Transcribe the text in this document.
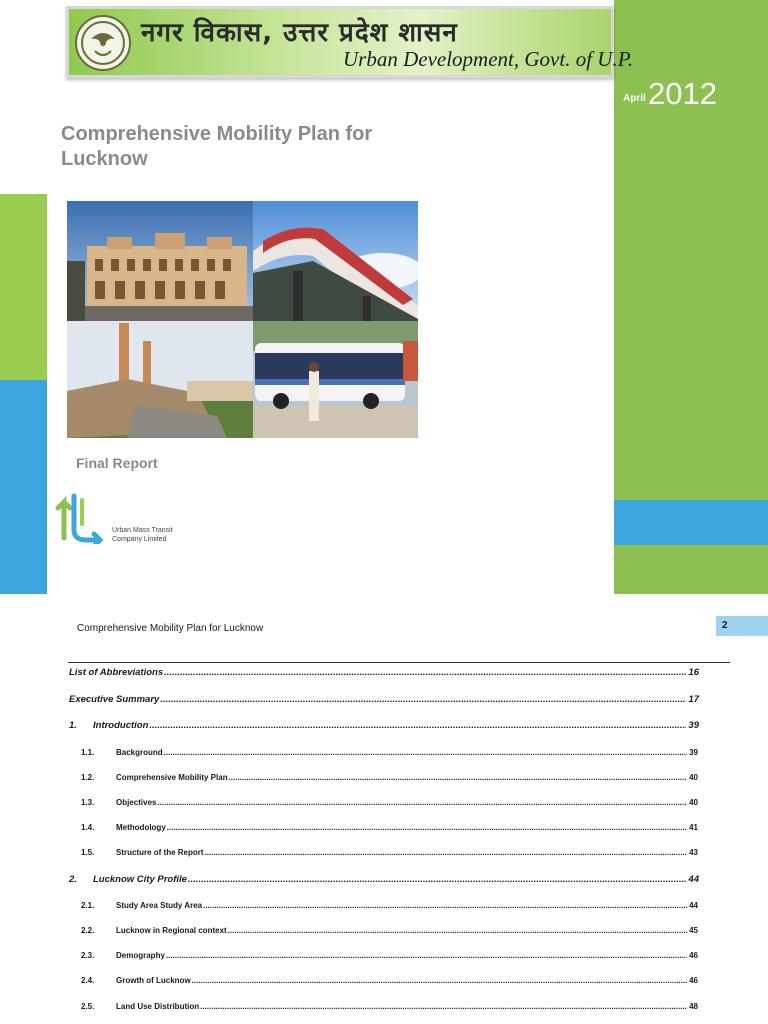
April 2012
नगर विकास, उत्तर प्रदेश शासन
Urban Development, Govt. of U.P.
Comprehensive Mobility Plan for Lucknow
Final Report
Urban Mass Transit
Company Limited
Comprehensive Mobility Plan for Lucknow	2
List of Abbreviations .....	16
Executive Summary .....	17
1.	Introduction .....	39
1.1.	Background .....	39
1.2.	Comprehensive Mobility Plan .....	40
1.3.	Objectives .....	40
1.4.	Methodology .....	41
1.5.	Structure of the Report .....	43
2.	Lucknow City Profile .....	44
2.1.	Study Area Study Area .....	44
2.2.	Lucknow in Regional context .....	45
2.3.	Demography .....	46
2.4.	Growth of Lucknow .....	46
2.5.	Land Use Distribution .....	48
